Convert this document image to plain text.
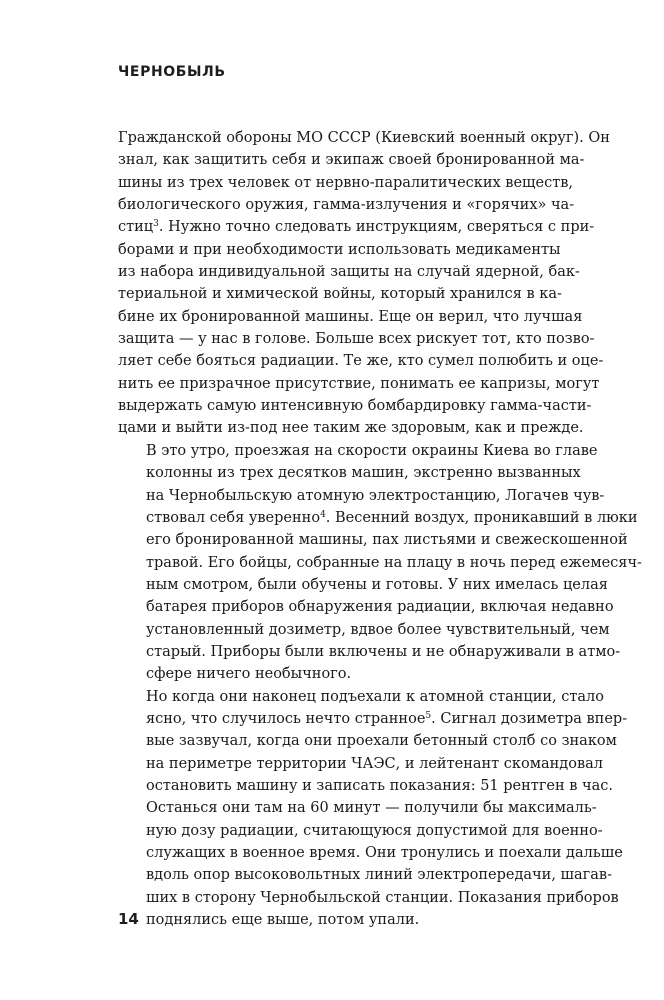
ЧЕРНОБЫЛЬ

Гражданской обороны МО СССР (Киевский военный округ). Он
знал, как защитить себя и экипаж своей бронированной ма-
шины из трех человек от нервно-паралитических веществ,
биологического оружия, гамма-излучения и «горячих» ча-
стиц$^3$. Нужно точно следовать инструкциям, сверяться с при-
борами и при необходимости использовать медикаменты
из набора индивидуальной защиты на случай ядерной, бак-
териальной и химической войны, который хранился в ка-
бине их бронированной машины. Еще он верил, что лучшая
защита — у нас в голове. Больше всех рискует тот, кто позво-
ляет себе бояться радиации. Те же, кто сумел полюбить и оце-
нить ее призрачное присутствие, понимать ее капризы, могут
выдержать самую интенсивную бомбардировку гамма-части-
цами и выйти из-под нее таким же здоровым, как и прежде.

В это утро, проезжая на скорости окраины Киева во главе
колонны из трех десятков машин, экстренно вызванных
на Чернобыльскую атомную электростанцию, Логачев чув-
ствовал себя уверенно$^4$. Весенний воздух, проникавший в люки
его бронированной машины, пах листьями и свежескошенной
травой. Его бойцы, собранные на плацу в ночь перед ежемесяч-
ным смотром, были обучены и готовы. У них имелась целая
батарея приборов обнаружения радиации, включая недавно
установленный дозиметр, вдвое более чувствительный, чем
старый. Приборы были включены и не обнаруживали в атмо-
сфере ничего необычного.

Но когда они наконец подъехали к атомной станции, стало
ясно, что случилось нечто странное$^5$. Сигнал дозиметра впер-
вые зазвучал, когда они проехали бетонный столб со знаком
на периметре территории ЧАЭС, и лейтенант скомандовал
остановить машину и записать показания: 51 рентген в час.
Останься они там на 60 минут — получили бы максималь-
ную дозу радиации, считающуюся допустимой для военно-
служащих в военное время. Они тронулись и поехали дальше
вдоль опор высоковольтных линий электропередачи, шагав-
ших в сторону Чернобыльской станции. Показания приборов
поднялись еще выше, потом упали.

14
